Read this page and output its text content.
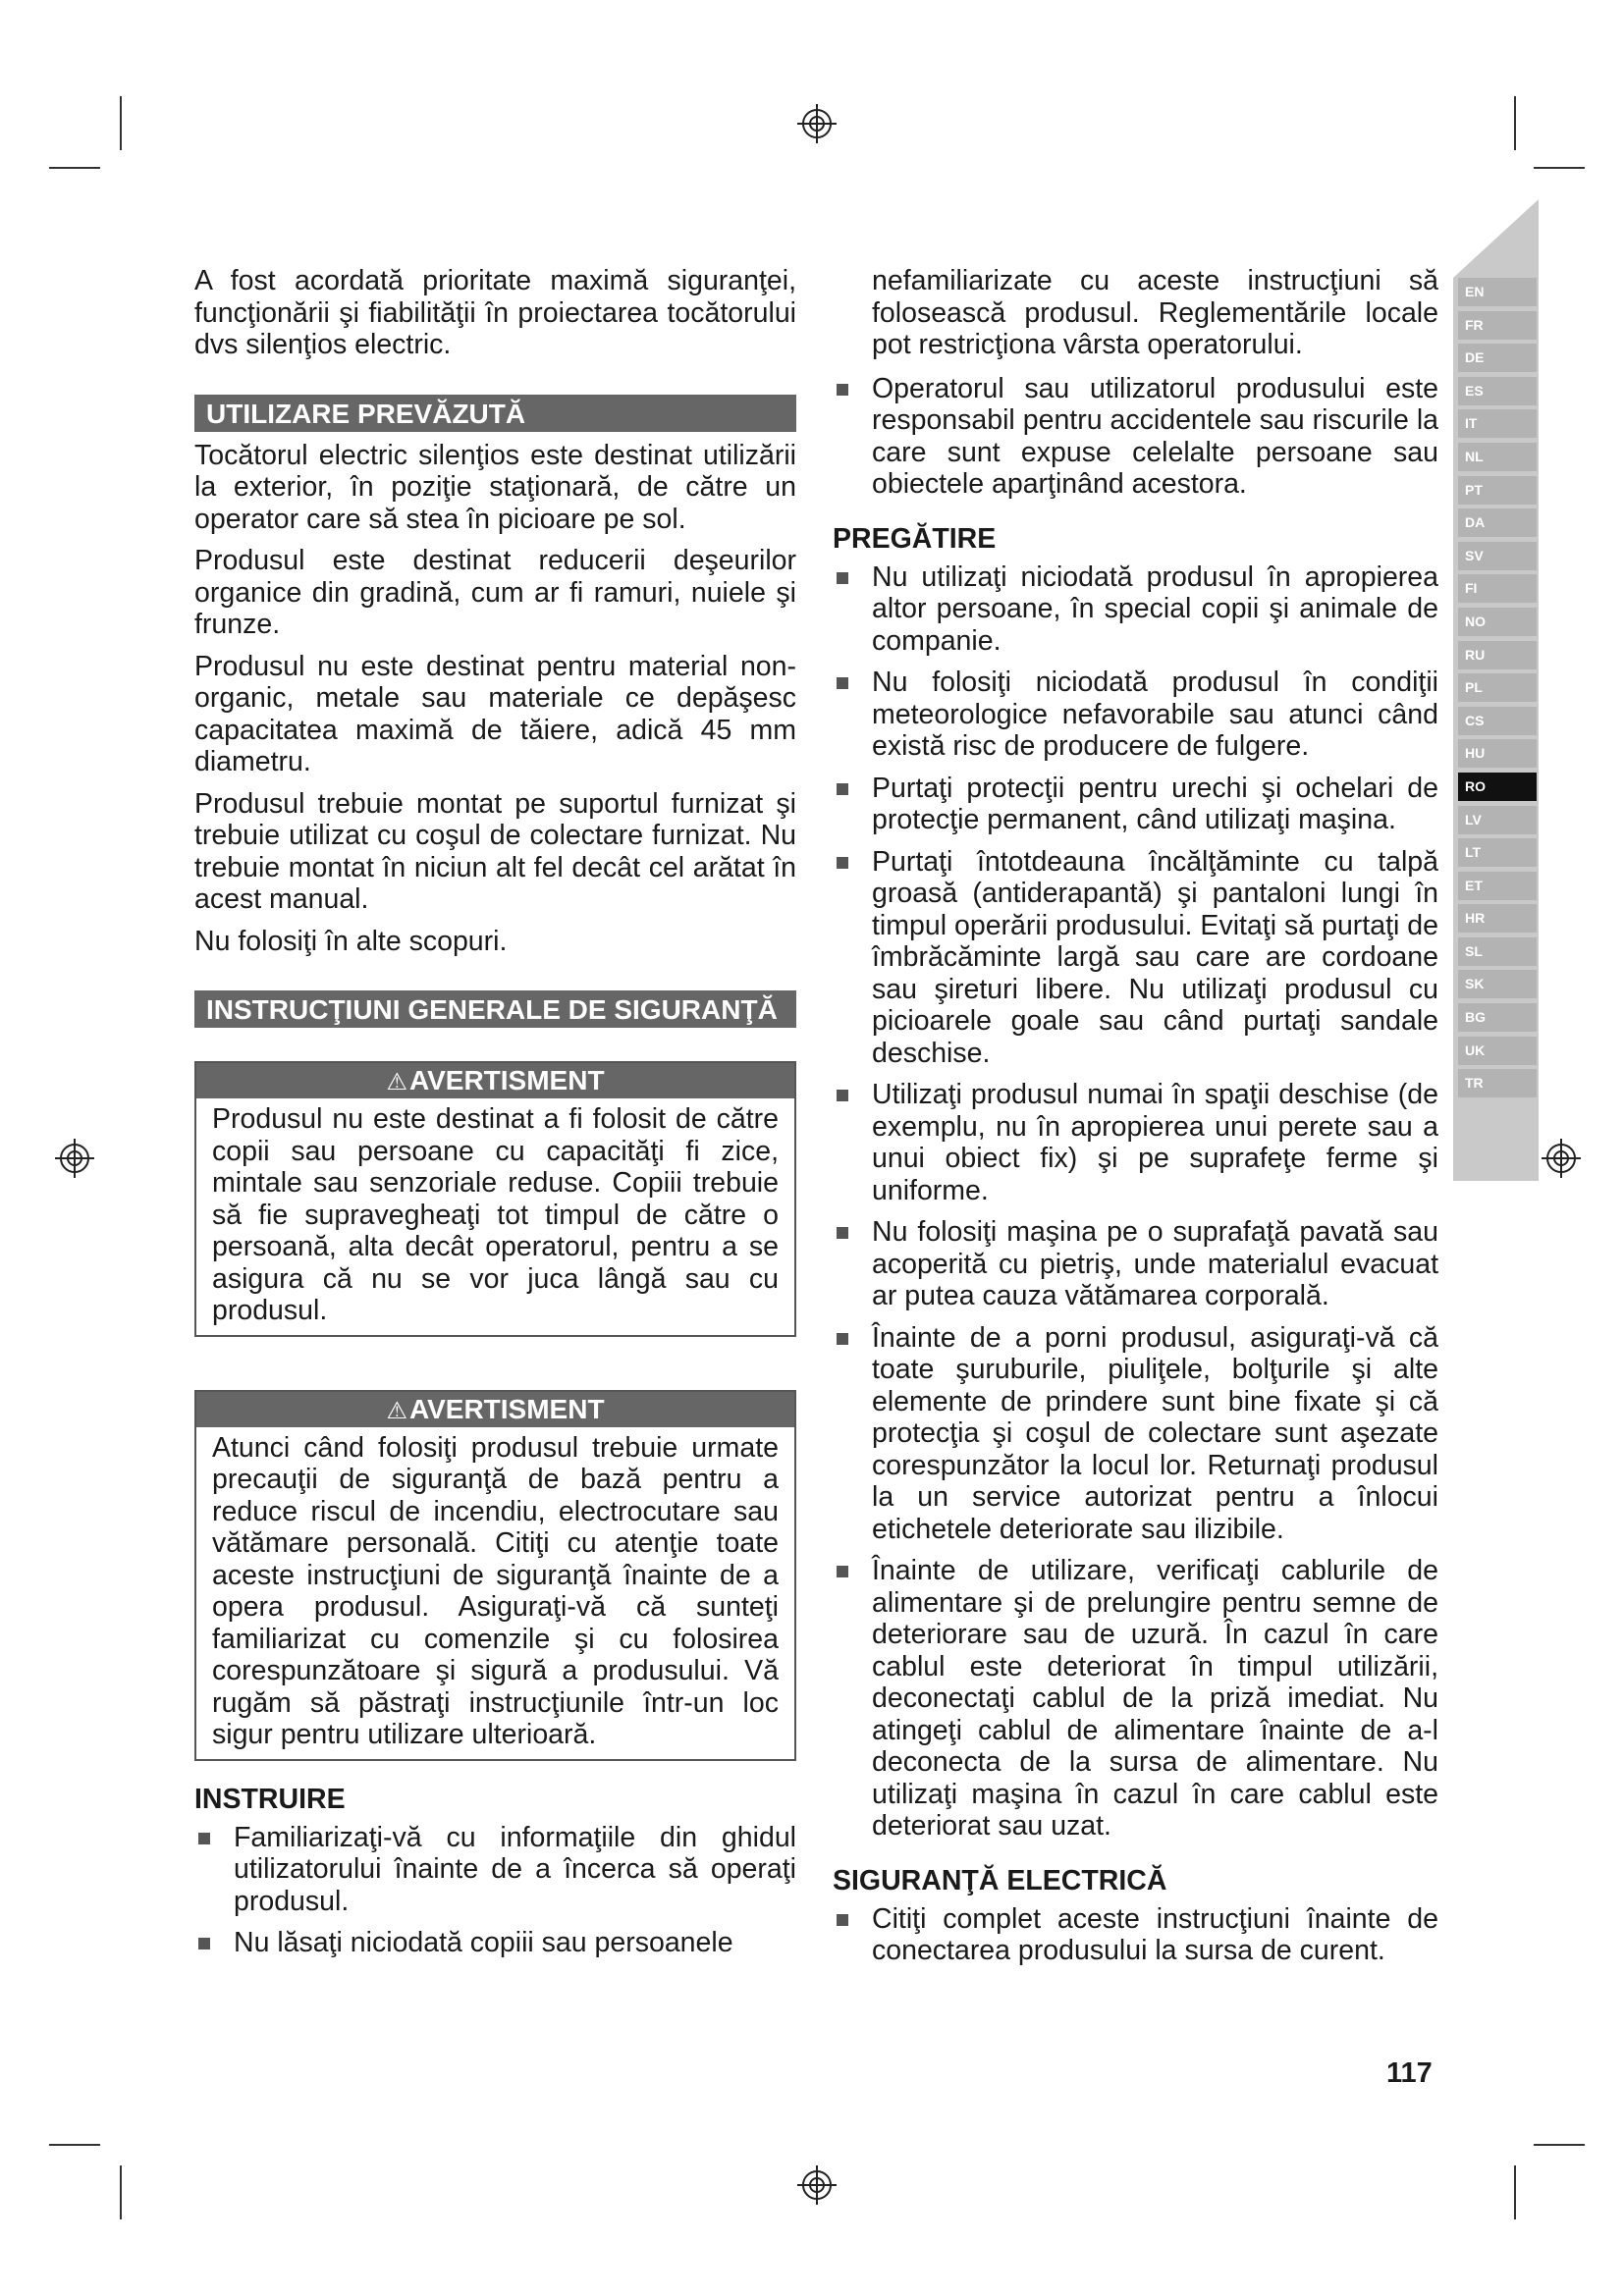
EN
FR
DE
ES
IT
NL
PT
DA
SV
FI
NO
RU
PL
CS
HU
RO
LV
LT
ET
HR
SL
SK
BG
UK
TR

A fost acordată prioritate maximă siguranţei, funcţionării şi fiabilităţii în proiectarea tocătorului dvs silenţios electric.

UTILIZARE PREVĂZUTĂ

Tocătorul electric silenţios este destinat utilizării la exterior, în poziţie staţionară, de către un operator care să stea în picioare pe sol.

Produsul este destinat reducerii deşeurilor organice din gradină, cum ar fi ramuri, nuiele şi frunze.

Produsul nu este destinat pentru material non-organic, metale sau materiale ce depăşesc capacitatea maximă de tăiere, adică 45 mm diametru.

Produsul trebuie montat pe suportul furnizat şi trebuie utilizat cu coşul de colectare furnizat. Nu trebuie montat în niciun alt fel decât cel arătat în acest manual.

Nu folosiţi în alte scopuri.

INSTRUCŢIUNI GENERALE DE SIGURANŢĂ
⚠AVERTISMENT
Produsul nu este destinat a fi folosit de către copii sau persoane cu capacităţi fi zice, mintale sau senzoriale reduse. Copiii trebuie să fie supravegheaţi tot timpul de către o persoană, alta decât operatorul, pentru a se asigura că nu se vor juca lângă sau cu produsul.
⚠AVERTISMENT
Atunci când folosiţi produsul trebuie urmate precauţii de siguranţă de bază pentru a reduce riscul de incendiu, electrocutare sau vătămare personală. Citiţi cu atenţie toate aceste instrucţiuni de siguranţă înainte de a opera produsul. Asiguraţi-vă că sunteţi familiarizat cu comenzile şi cu folosirea corespunzătoare şi sigură a produsului. Vă rugăm să păstraţi instrucţiunile într-un loc sigur pentru utilizare ulterioară.
INSTRUIRE
Familiarizaţi-vă cu informaţiile din ghidul utilizatorului înainte de a încerca să operaţi produsul.
Nu lăsaţi niciodată copiii sau persoanele
nefamiliarizate cu aceste instrucţiuni să folosească produsul. Reglementările locale pot restricţiona vârsta operatorului.
Operatorul sau utilizatorul produsului este responsabil pentru accidentele sau riscurile la care sunt expuse celelalte persoane sau obiectele aparţinând acestora.
PREGĂTIRE
Nu utilizaţi niciodată produsul în apropierea altor persoane, în special copii şi animale de companie.
Nu folosiţi niciodată produsul în condiţii meteorologice nefavorabile sau atunci când există risc de producere de fulgere.
Purtaţi protecţii pentru urechi şi ochelari de protecţie permanent, când utilizaţi maşina.
Purtaţi întotdeauna încălţăminte cu talpă groasă (antiderapantă) şi pantaloni lungi în timpul operării produsului. Evitaţi să purtaţi de îmbrăcăminte largă sau care are cordoane sau şireturi libere. Nu utilizaţi produsul cu picioarele goale sau când purtaţi sandale deschise.
Utilizaţi produsul numai în spaţii deschise (de exemplu, nu în apropierea unui perete sau a unui obiect fix) şi pe suprafeţe ferme şi uniforme.
Nu folosiţi maşina pe o suprafaţă pavată sau acoperită cu pietriş, unde materialul evacuat ar putea cauza vătămarea corporală.
Înainte de a porni produsul, asiguraţi-vă că toate şuruburile, piuliţele, bolţurile şi alte elemente de prindere sunt bine fixate şi că protecţia şi coşul de colectare sunt aşezate corespunzător la locul lor. Returnaţi produsul la un service autorizat pentru a înlocui etichetele deteriorate sau ilizibile.
Înainte de utilizare, verificaţi cablurile de alimentare şi de prelungire pentru semne de deteriorare sau de uzură. În cazul în care cablul este deteriorat în timpul utilizării, deconectaţi cablul de la priză imediat. Nu atingeţi cablul de alimentare înainte de a-l deconecta de la sursa de alimentare. Nu utilizaţi maşina în cazul în care cablul este deteriorat sau uzat.
SIGURANŢĂ ELECTRICĂ
Citiţi complet aceste instrucţiuni înainte de conectarea produsului la sursa de curent.
117
